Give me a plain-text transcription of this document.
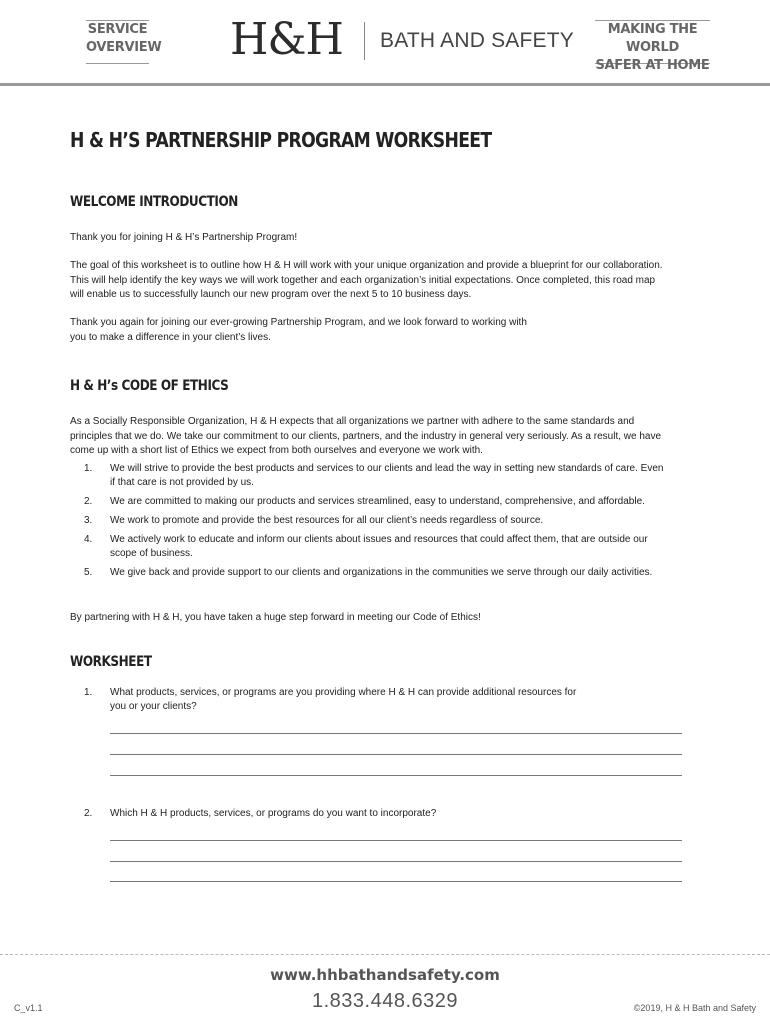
SERVICE
OVERVIEW H&H BATH AND SAFETY	MAKING THE WORLD
SAFER AT HOME
H & H’S PARTNERSHIP PROGRAM WORKSHEET
WELCOME INTRODUCTION

Thank you for joining H & H’s Partnership Program!

The goal of this worksheet is to outline how H & H will work with your unique organization and provide a blueprint for our collaboration. This will help identify the key ways we will work together and each organization’s initial expectations. Once completed, this road map will enable us to successfully launch our new program over the next 5 to 10 business days.

Thank you again for joining our ever-growing Partnership Program, and we look forward to working with you to make a difference in your client’s lives.

H & H’s CODE OF ETHICS

As a Socially Responsible Organization, H & H expects that all organizations we partner with adhere to the same standards and principles that we do. We take our commitment to our clients, partners, and the industry in general very seriously. As a result, we have come up with a short list of Ethics we expect from both ourselves and everyone we work with.

1. We will strive to provide the best products and services to our clients and lead the way in setting new standards of care. Even if that care is not provided by us.
2. We are committed to making our products and services streamlined, easy to understand, comprehensive, and affordable.
3. We work to promote and provide the best resources for all our client’s needs regardless of source.
4. We actively work to educate and inform our clients about issues and resources that could affect them, that are outside our scope of business.
5. We give back and provide support to our clients and organizations in the communities we serve through our daily activities.

By partnering with H & H, you have taken a huge step forward in meeting our Code of Ethics!

WORKSHEET
1.	What products, services, or programs are you providing where H & H can provide additional resources for you or your clients?
2.	Which H & H products, services, or programs do you want to incorporate?
www.hhbathandsafety.com
1.833.448.6329
C_v1.1	©2019, H & H Bath and Safety
